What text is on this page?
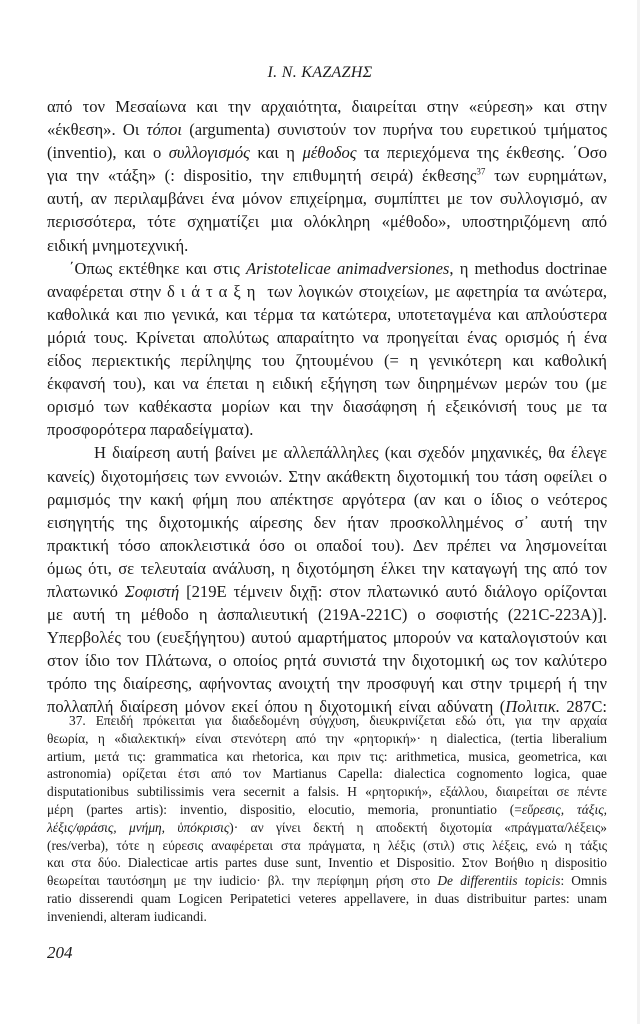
I. N. ΚΑΖΑΖΗΣ
από τον Μεσαίωνα και την αρχαιότητα, διαιρείται στην «εύρεση» και στην
«έκθεση». Οι τόποι (argumenta) συνιστούν τον πυρήνα του ευρετικού τμήματος
(inventio), και ο συλλογισμός και η μέθοδος τα περιεχόμενα της έκθεσης. ΄Οσο
για την «τάξη» (: dispositio, την επιθυμητή σειρά) έκθεσης$^{37}$ των ευρημάτων,
αυτή, αν περιλαμβάνει ένα μόνον επιχείρημα, συμπίπτει με τον συλλογισμό, αν
περισσότερα, τότε σχηματίζει μια ολόκληρη «μέθοδο», υποστηριζόμενη από
ειδική μνημοτεχνική.
΄Οπως εκτέθηκε και στις Aristotelicae animadversiones, η methodus doctrinae
αναφέρεται στην διάταξη των λογικών στοιχείων, με αφετηρία τα ανώτερα,
καθολικά και πιο γενικά, και τέρμα τα κατώτερα, υποτεταγμένα και απλούστερα
μόριά τους. Κρίνεται απολύτως απαραίτητο να προηγείται ένας ορισμός ή ένα
είδος περιεκτικής περίληψης του ζητουμένου (= η γενικότερη και καθολική
έκφανσή του), και να έπεται η ειδική εξήγηση των διηρημένων μερών του (με
ορισμό των καθέκαστα μορίων και την διασάφηση ή εξεικόνισή τους με τα
προσφορότερα παραδείγματα).
Η διαίρεση αυτή βαίνει με αλλεπάλληλες (και σχεδόν μηχανικές, θα έλεγε
κανείς) διχοτομήσεις των εννοιών. Στην ακάθεκτη διχοτομική του τάση οφείλει ο
ραμισμός την κακή φήμη που απέκτησε αργότερα (αν και ο ίδιος ο νεότερος
εισηγητής της διχοτομικής αίρεσης δεν ήταν προσκολλημένος σ᾽ αυτή την
πρακτική τόσο αποκλειστικά όσο οι οπαδοί του). Δεν πρέπει να λησμονείται
όμως ότι, σε τελευταία ανάλυση, η διχοτόμηση έλκει την καταγωγή της από τον
πλατωνικό Σοφιστή [219E τέμνειν διχῇ: στον πλατωνικό αυτό διάλογο ορίζονται
με αυτή τη μέθοδο η ἀσπαλιευτική (219A-221C) ο σοφιστής (221C-223A)].
Υπερβολές του (ευεξήγητου) αυτού αμαρτήματος μπορούν να καταλογιστούν και
στον ίδιο τον Πλάτωνα, ο οποίος ρητά συνιστά την διχοτομική ως τον καλύτερο
τρόπο της διαίρεσης, αφήνοντας ανοιχτή την προσφυγή και στην τριμερή ή την
πολλαπλή διαίρεση μόνον εκεί όπου η διχοτομική είναι αδύνατη (Πολιτικ. 287C:
37. Επειδή πρόκειται για διαδεδομένη σύγχυση, διευκρινίζεται εδώ ότι, για την αρχαία
θεωρία, η «διαλεκτική» είναι στενότερη από την «ρητορική»· η dialectica, (tertia liberalium
artium, μετά τις: grammatica και rhetorica, και πριν τις: arithmetica, musica, geometrica, και
astronomia) ορίζεται έτσι από τον Martianus Capella: dialectica cognomento logica, quae
disputationibus subtilissimis vera secernit a falsis. Η «ρητορική», εξάλλου, διαιρείται σε πέντε
μέρη (partes artis): inventio, dispositio, elocutio, memoria, pronuntiatio (=εὕρεσις, τάξις,
λέξις/φράσις, μνήμη, ὑπόκρισις)· αν γίνει δεκτή η αποδεκτή διχοτομία «πράγματα/λέξεις»
(res/verba), τότε η εύρεσις αναφέρεται στα πράγματα, η λέξις (στιλ) στις λέξεις, ενώ η τάξις
και στα δύο. Dialecticae artis partes duse sunt, Inventio et Dispositio. Στον Βοήθιο η dispositio
θεωρείται ταυτόσημη με την iudicio· βλ. την περίφημη ρήση στο De differentiis topicis: Omnis
ratio disserendi quam Logicen Peripatetici veteres appellavere, in duas distribuitur partes: unam
inveniendi, alteram iudicandi.
204
